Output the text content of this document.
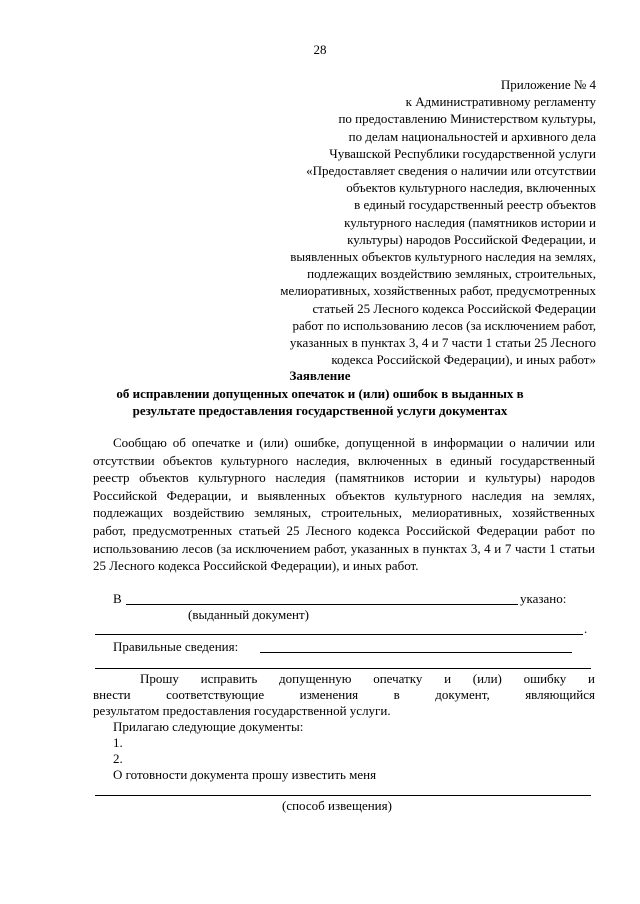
28
Приложение № 4
к Административному регламенту
по предоставлению Министерством культуры,
по делам национальностей и архивного дела
Чувашской Республики государственной услуги
«Предоставляет сведения о наличии или отсутствии
объектов культурного наследия, включенных
в единый государственный реестр объектов
культурного наследия (памятников истории и
культуры) народов Российской Федерации, и
выявленных объектов культурного наследия на землях,
подлежащих воздействию земляных, строительных,
мелиоративных, хозяйственных работ, предусмотренных
статьей 25 Лесного кодекса Российской Федерации
работ по использованию лесов (за исключением работ,
указанных в пунктах 3, 4 и 7 части 1 статьи 25 Лесного
кодекса Российской Федерации), и иных работ»
Заявление
об исправлении допущенных опечаток и (или) ошибок в выданных в
результате предоставления государственной услуги документах
Сообщаю об опечатке и (или) ошибке, допущенной в информации о наличии или отсутствии объектов культурного наследия, включенных в единый государственный реестр объектов культурного наследия (памятников истории и культуры) народов Российской Федерации, и выявленных объектов культурного наследия на землях, подлежащих воздействию земляных, строительных, мелиоративных, хозяйственных работ, предусмотренных статьей 25 Лесного кодекса Российской Федерации работ по использованию лесов (за исключением работ, указанных в пунктах 3, 4 и 7 части 1 статьи 25 Лесного кодекса Российской Федерации), и иных работ.
В	указано:
(выданный документ)
.
Правильные сведения:
Прошу исправить допущенную опечатку и (или) ошибку и
внести соответствующие изменения в документ, являющийся
результатом предоставления государственной услуги.
Прилагаю следующие документы:
1.
2.
О готовности документа прошу известить меня
(способ извещения)
